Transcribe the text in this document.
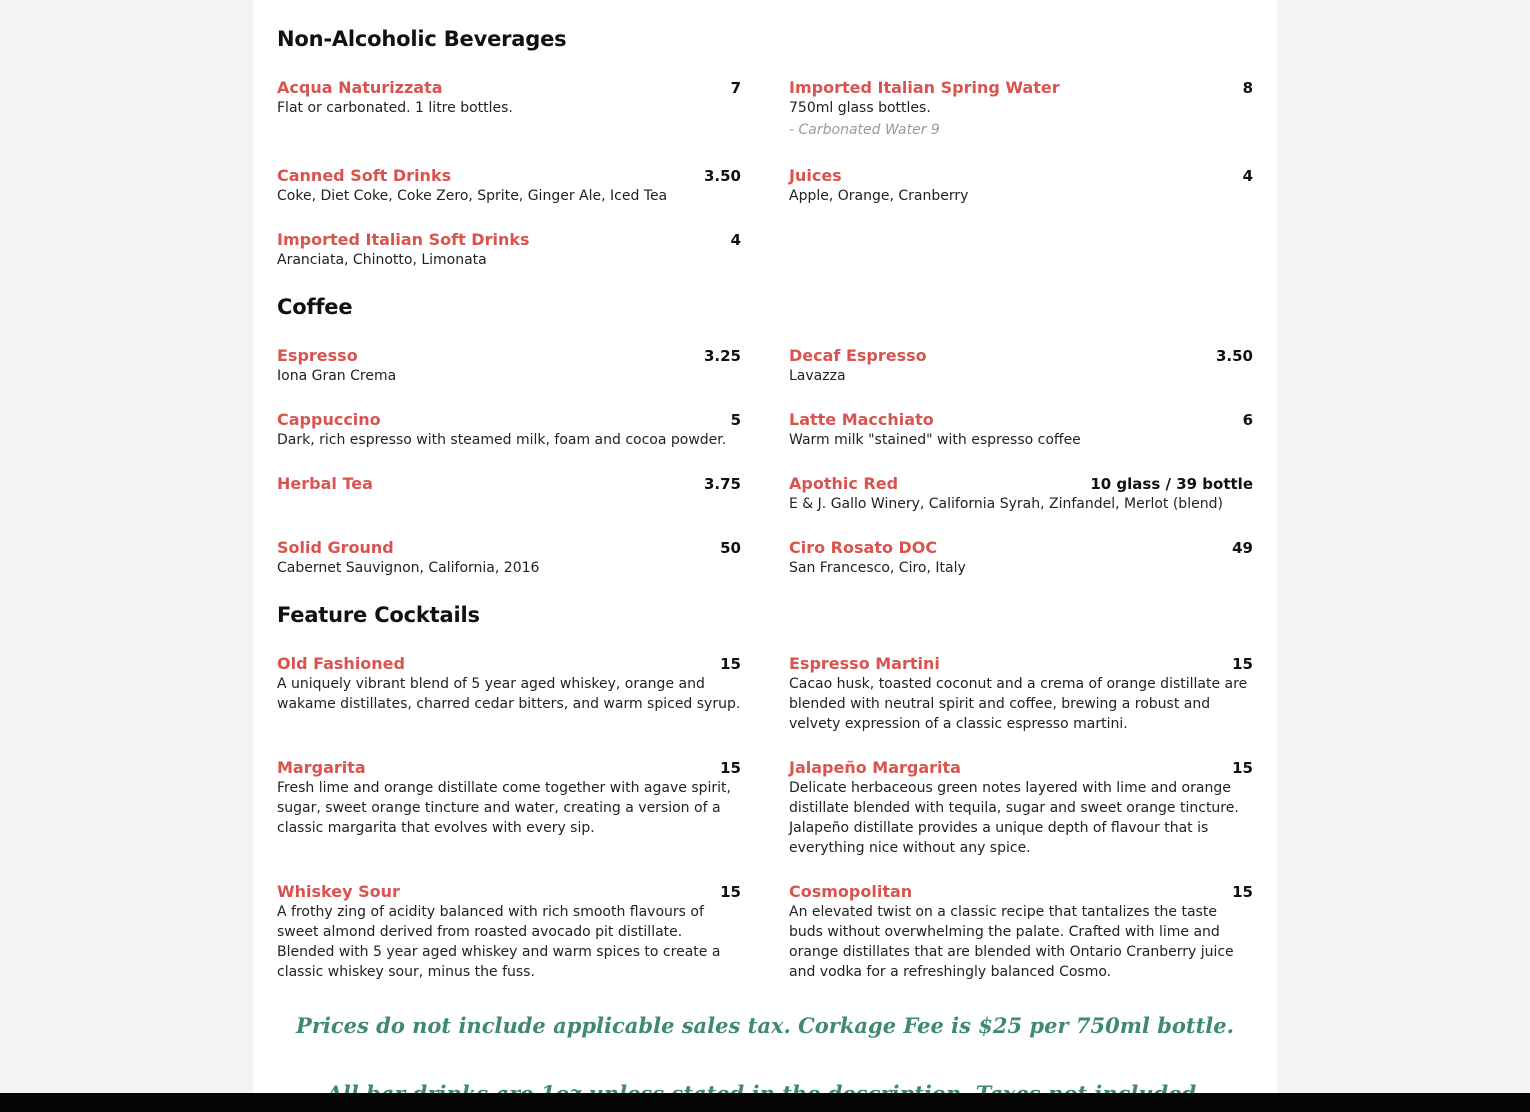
Non-Alcoholic Beverages
Acqua Naturizzata	7
Flat or carbonated. 1 litre bottles.
Imported Italian Spring Water	8
750ml glass bottles.
- Carbonated Water 9
Canned Soft Drinks	3.50
Coke, Diet Coke, Coke Zero, Sprite, Ginger Ale, Iced Tea
Juices	4
Apple, Orange, Cranberry
Imported Italian Soft Drinks	4
Aranciata, Chinotto, Limonata
Coffee
Espresso	3.25
Iona Gran Crema
Decaf Espresso	3.50
Lavazza
Cappuccino	5
Dark, rich espresso with steamed milk, foam and cocoa powder.
Latte Macchiato	6
Warm milk "stained" with espresso coffee
Herbal Tea	3.75	Apothic Red	10 glass / 39 bottle
E & J. Gallo Winery, California Syrah, Zinfandel, Merlot (blend)
Solid Ground	50
Cabernet Sauvignon, California, 2016
Ciro Rosato DOC	49
San Francesco, Ciro, Italy
Feature Cocktails
Old Fashioned	15
A uniquely vibrant blend of 5 year aged whiskey, orange and wakame distillates, charred cedar bitters, and warm spiced syrup.
Espresso Martini	15
Cacao husk, toasted coconut and a crema of orange distillate are blended with neutral spirit and coffee, brewing a robust and velvety expression of a classic espresso martini.
Margarita	15
Fresh lime and orange distillate come together with agave spirit, sugar, sweet orange tincture and water, creating a version of a classic margarita that evolves with every sip.
Jalapeño Margarita	15
Delicate herbaceous green notes layered with lime and orange distillate blended with tequila, sugar and sweet orange tincture. Jalapeño distillate provides a unique depth of flavour that is everything nice without any spice.
Whiskey Sour	15
A frothy zing of acidity balanced with rich smooth flavours of sweet almond derived from roasted avocado pit distillate. Blended with 5 year aged whiskey and warm spices to create a classic whiskey sour, minus the fuss.
Cosmopolitan	15
An elevated twist on a classic recipe that tantalizes the taste buds without overwhelming the palate. Crafted with lime and orange distillates that are blended with Ontario Cranberry juice and vodka for a refreshingly balanced Cosmo.
Prices do not include applicable sales tax. Corkage Fee is $25 per 750ml bottle.
